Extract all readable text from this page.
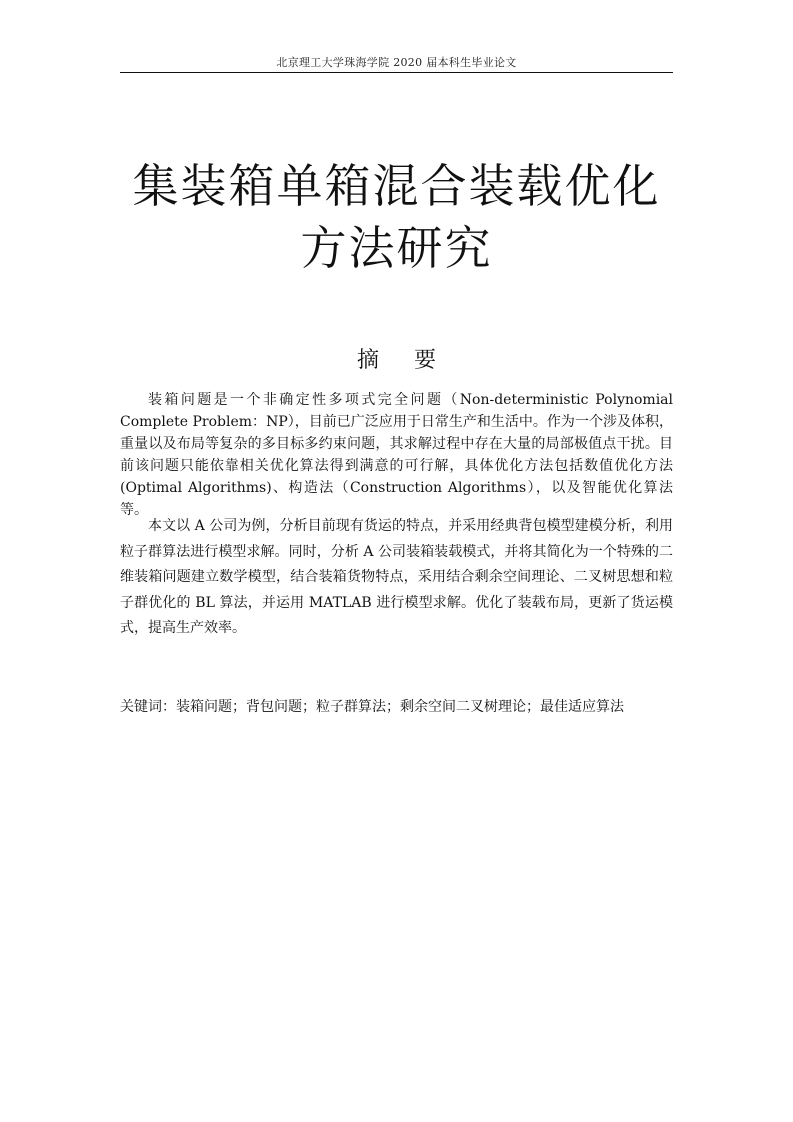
北京理工大学珠海学院 2020 届本科生毕业论文
集装箱单箱混合装载优化
方法研究
摘 要

装箱问题是一个非确定性多项式完全问题（Non-deterministic Polynomial Complete Problem：NP），目前已广泛应用于日常生产和生活中。作为一个涉及体积，重量以及布局等复杂的多目标多约束问题，其求解过程中存在大量的局部极值点干扰。目前该问题只能依靠相关优化算法得到满意的可行解，具体优化方法包括数值优化方法(Optimal Algorithms)、构造法（Construction Algorithms），以及智能优化算法等。

本文以 A 公司为例，分析目前现有货运的特点，并采用经典背包模型建模分析，利用粒子群算法进行模型求解。同时，分析 A 公司装箱装载模式，并将其简化为一个特殊的二维装箱问题建立数学模型，结合装箱货物特点，采用结合剩余空间理论、二叉树思想和粒子群优化的 BL 算法，并运用 MATLAB 进行模型求解。优化了装载布局，更新了货运模式，提高生产效率。

关键词：装箱问题；背包问题；粒子群算法；剩余空间二叉树理论；最佳适应算法
